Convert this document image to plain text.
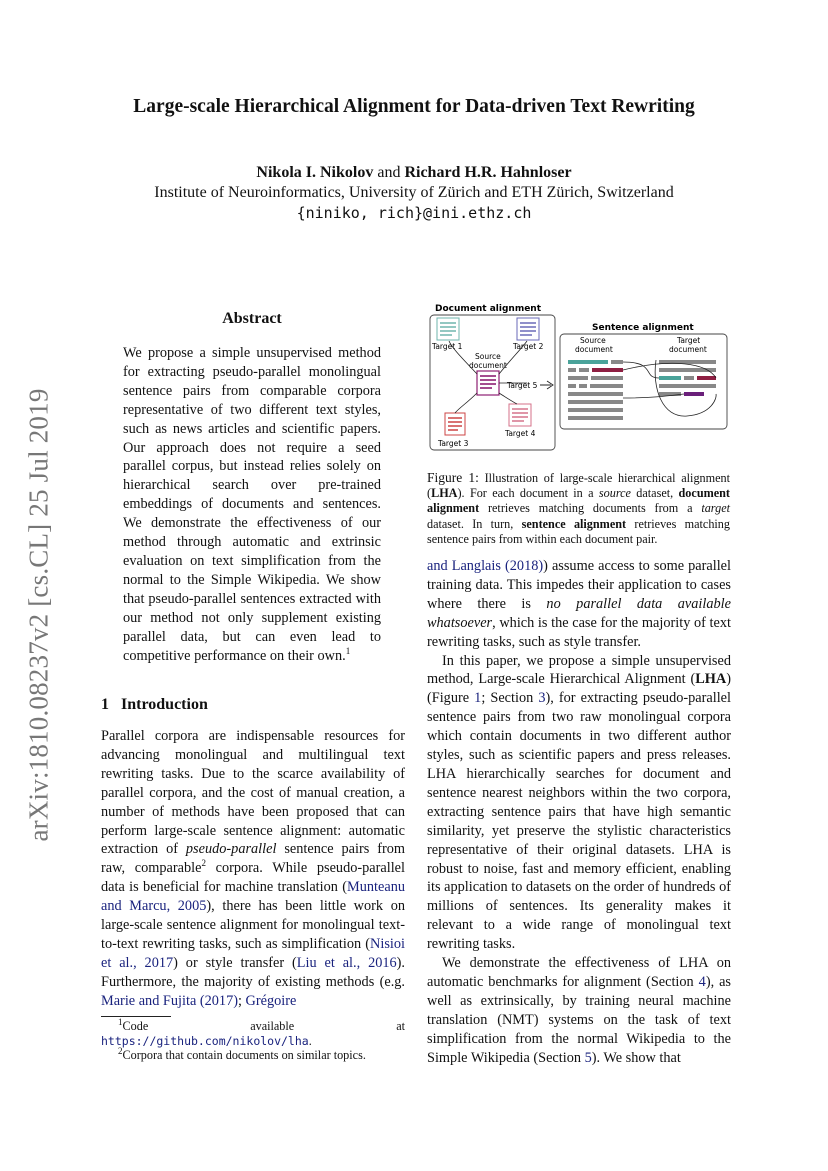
arXiv:1810.08237v2 [cs.CL] 25 Jul 2019
Large-scale Hierarchical Alignment for Data-driven Text Rewriting
Nikola I. Nikolov and Richard H.R. Hahnloser
Institute of Neuroinformatics, University of Zürich and ETH Zürich, Switzerland
{niniko, rich}@ini.ethz.ch
Abstract
We propose a simple unsupervised method for extracting pseudo-parallel monolingual sentence pairs from comparable corpora representative of two different text styles, such as news articles and scientific papers. Our approach does not require a seed parallel corpus, but instead relies solely on hierarchical search over pre-trained embeddings of documents and sentences. We demonstrate the effectiveness of our method through automatic and extrinsic evaluation on text simplification from the normal to the Simple Wikipedia. We show that pseudo-parallel sentences extracted with our method not only supplement existing parallel data, but can even lead to competitive performance on their own.$^1$
1   Introduction

Parallel corpora are indispensable resources for advancing monolingual and multilingual text rewriting tasks. Due to the scarce availability of parallel corpora, and the cost of manual creation, a number of methods have been proposed that can perform large-scale sentence alignment: automatic extraction of pseudo-parallel sentence pairs from raw, comparable$^2$ corpora. While pseudo-parallel data is beneficial for machine translation (Munteanu and Marcu, 2005), there has been little work on large-scale sentence alignment for monolingual text-to-text rewriting tasks, such as simplification (Nisioi et al., 2017) or style transfer (Liu et al., 2016). Furthermore, the majority of existing methods (e.g. Marie and Fujita (2017); Grégoire

$^1$Code available at https://github.com/nikolov/lha.
$^2$Corpora that contain documents on similar topics.
Document alignment
Sentence alignment
Target 1	Target 2
Source
document
Target 5
Target 3
Target 4
Source
document
Target
document
Figure 1: Illustration of large-scale hierarchical alignment (LHA). For each document in a source dataset, document alignment retrieves matching documents from a target dataset. In turn, sentence alignment retrieves matching sentence pairs from within each document pair.

and Langlais (2018)) assume access to some parallel training data. This impedes their application to cases where there is no parallel data available whatsoever, which is the case for the majority of text rewriting tasks, such as style transfer.

In this paper, we propose a simple unsupervised method, Large-scale Hierarchical Alignment (LHA) (Figure 1; Section 3), for extracting pseudo-parallel sentence pairs from two raw monolingual corpora which contain documents in two different author styles, such as scientific papers and press releases. LHA hierarchically searches for document and sentence nearest neighbors within the two corpora, extracting sentence pairs that have high semantic similarity, yet preserve the stylistic characteristics representative of their original datasets. LHA is robust to noise, fast and memory efficient, enabling its application to datasets on the order of hundreds of millions of sentences. Its generality makes it relevant to a wide range of monolingual text rewriting tasks.

We demonstrate the effectiveness of LHA on automatic benchmarks for alignment (Section 4), as well as extrinsically, by training neural machine translation (NMT) systems on the task of text simplification from the normal Wikipedia to the Simple Wikipedia (Section 5). We show that
